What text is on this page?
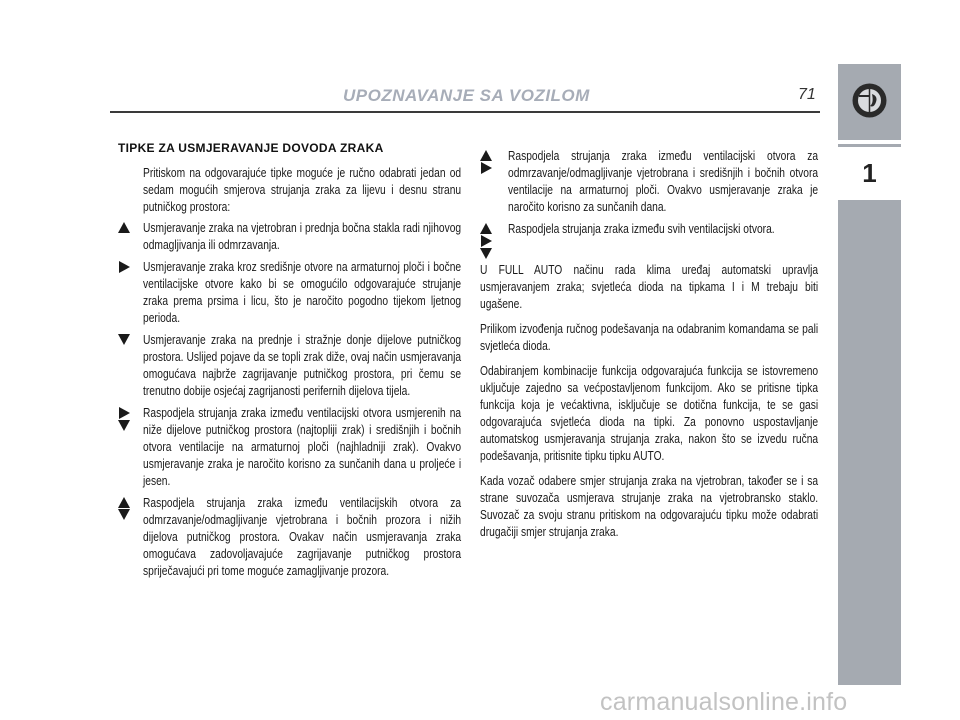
UPOZNAVANJE SA VOZILOM	71
1
TIPKE ZA USMJERAVANJE DOVODA ZRAKA

Pritiskom na odgovarajuće tipke moguće je ručno odabrati jedan od sedam mogućih smjerova strujanja zraka za lijevu i desnu stranu putničkog prostora:

Usmjeravanje zraka na vjetrobran i prednja bočna stakla radi njihovog odmagljivanja ili odmrzavanja.

Usmjeravanje zraka kroz središnje otvore na armaturnoj ploči i bočne ventilacijske otvore kako bi se omogućilo odgovarajuće strujanje zraka prema prsima i licu, što je naročito pogodno tijekom ljetnog perioda.

Usmjeravanje zraka na prednje i stražnje donje dijelove putničkog prostora. Uslijed pojave da se topli zrak diže, ovaj način usmjeravanja omogućava najbrže zagrijavanje putničkog prostora, pri čemu se trenutno dobije osjećaj zagrijanosti perifernih dijelova tijela.

Raspodjela strujanja zraka između ventilacijski otvora usmjerenih na niže dijelove putničkog prostora (najtopliji zrak) i središnjih i bočnih otvora ventilacije na armaturnoj ploči (najhladniji zrak). Ovakvo usmjeravanje zraka je naročito korisno za sunčanih dana u proljeće i jesen.

Raspodjela strujanja zraka između ventilacijskih otvora za odmrzavanje/odmagljivanje vjetrobrana i bočnih prozora i nižih dijelova putničkog prostora. Ovakav način usmjeravanja zraka omogućava zadovoljavajuće zagrijavanje putničkog prostora spriječavajući pri tome moguće zamagljivanje prozora.

Raspodjela strujanja zraka između ventilacijski otvora za odmrzavanje/odmagljivanje vjetrobrana i središnjih i bočnih otvora ventilacije na armaturnoj ploči. Ovakvo usmjeravanje zraka je naročito korisno za sunčanih dana.

Raspodjela strujanja zraka između svih ventilacijski otvora.

U FULL AUTO načinu rada klima uređaj automatski upravlja usmjeravanjem zraka; svjetleća dioda na tipkama I i M trebaju biti ugašene.

Prilikom izvođenja ručnog podešavanja na odabranim komandama se pali svjetleća dioda.

Odabiranjem kombinacije funkcija odgovarajuća funkcija se istovremeno uključuje zajedno sa većpostavljenom funkcijom. Ako se pritisne tipka funkcija koja je većaktivna, isključuje se dotična funkcija, te se gasi odgovarajuća svjetleća dioda na tipki. Za ponovno uspostavljanje automatskog usmjeravanja strujanja zraka, nakon što se izvedu ručna podešavanja, pritisnite tipku tipku AUTO.

Kada vozač odabere smjer strujanja zraka na vjetrobran, također se i sa strane suvozača usmjerava strujanje zraka na vjetrobransko staklo. Suvozač za svoju stranu pritiskom na odgovarajuću tipku može odabrati drugačiji smjer strujanja zraka.

carmanualsonline.info
